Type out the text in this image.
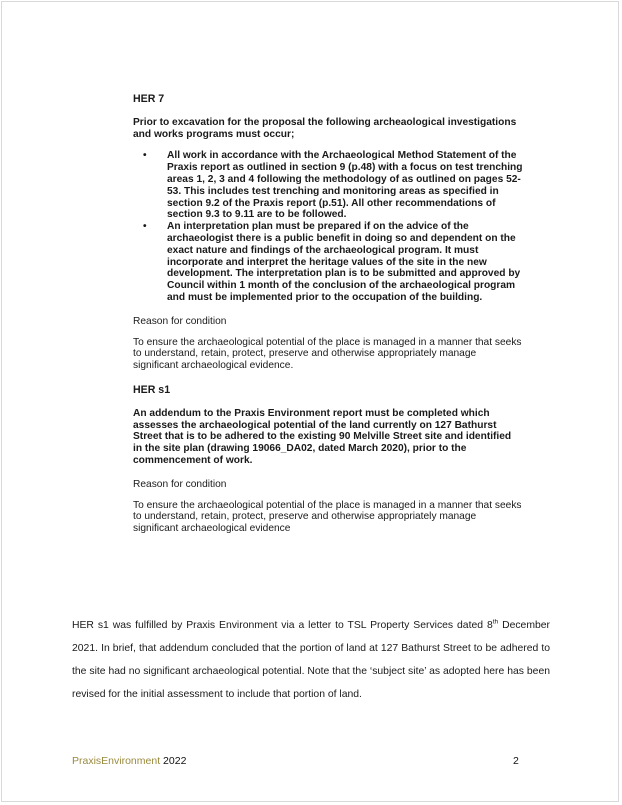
HER 7

Prior to excavation for the proposal the following archeaological investigations and works programs must occur;

• All work in accordance with the Archaeological Method Statement of the Praxis report as outlined in section 9 (p.48) with a focus on test trenching areas 1, 2, 3 and 4 following the methodology of as outlined on pages 52-53. This includes test trenching and monitoring areas as specified in section 9.2 of the Praxis report (p.51). All other recommendations of section 9.3 to 9.11 are to be followed.
• An interpretation plan must be prepared if on the advice of the archaeologist there is a public benefit in doing so and dependent on the exact nature and findings of the archaeological program. It must incorporate and interpret the heritage values of the site in the new development. The interpretation plan is to be submitted and approved by Council within 1 month of the conclusion of the archaeological program and must be implemented prior to the occupation of the building.

Reason for condition

To ensure the archaeological potential of the place is managed in a manner that seeks to understand, retain, protect, preserve and otherwise appropriately manage significant archaeological evidence.

HER s1

An addendum to the Praxis Environment report must be completed which assesses the archaeological potential of the land currently on 127 Bathurst Street that is to be adhered to the existing 90 Melville Street site and identified in the site plan (drawing 19066_DA02, dated March 2020), prior to the commencement of work.

Reason for condition

To ensure the archaeological potential of the place is managed in a manner that seeks to understand, retain, protect, preserve and otherwise appropriately manage significant archaeological evidence

HER s1 was fulfilled by Praxis Environment via a letter to TSL Property Services dated 8th December 2021. In brief, that addendum concluded that the portion of land at 127 Bathurst Street to be adhered to the site had no significant archaeological potential. Note that the ‘subject site’ as adopted here has been revised for the initial assessment to include that portion of land.

PraxisEnvironment 2022	2
